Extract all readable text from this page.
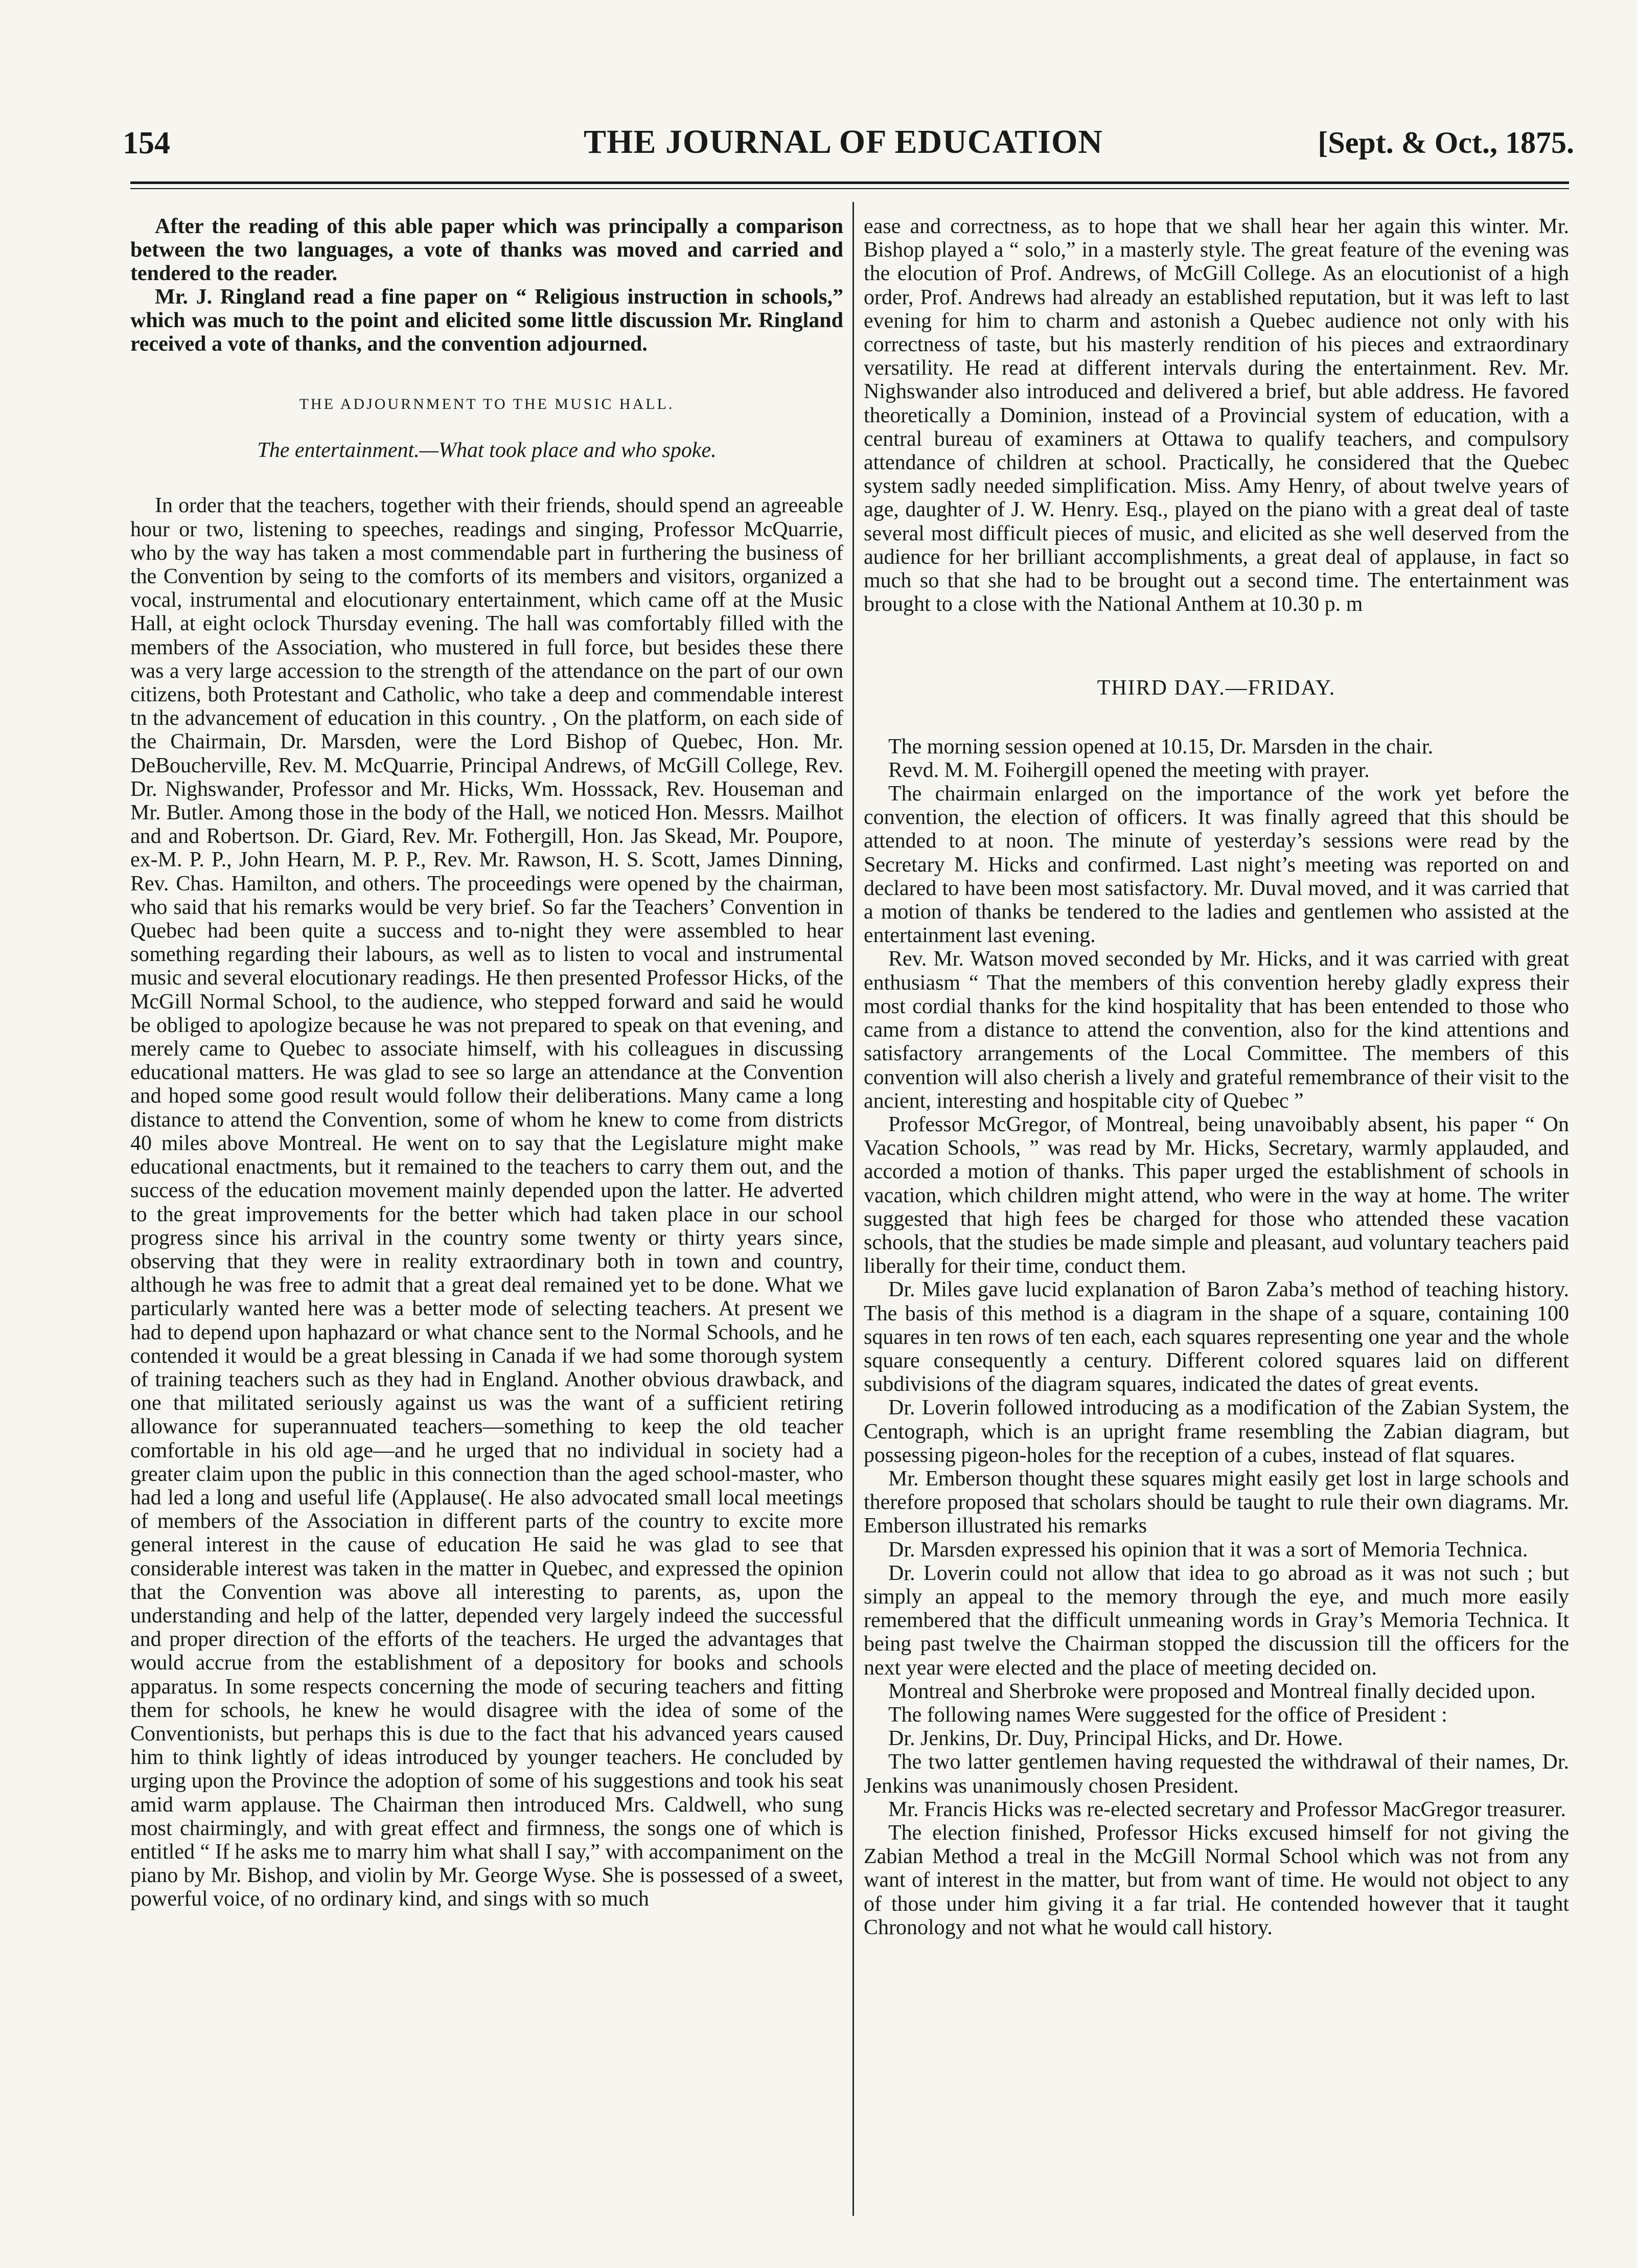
154	THE JOURNAL OF EDUCATION	[Sept. & Oct., 1875.

After the reading of this able paper which was principally a comparison between the two languages, a vote of thanks was moved and carried and tendered to the reader.

Mr. J. Ringland read a fine paper on “ Religious instruction in schools,” which was much to the point and elicited some little discussion Mr. Ringland received a vote of thanks, and the convention adjourned.

THE ADJOURNMENT TO THE MUSIC HALL.

The entertainment.—What took place and who spoke.

In order that the teachers, together with their friends, should spend an agreeable hour or two, listening to speeches, readings and singing, Professor McQuarrie, who by the way has taken a most commendable part in furthering the business of the Convention by seing to the comforts of its members and visitors, organized a vocal, instrumental and elocutionary entertainment, which came off at the Music Hall, at eight oclock Thursday evening. The hall was comfortably filled with the members of the Association, who mustered in full force, but besides these there was a very large accession to the strength of the attendance on the part of our own citizens, both Protestant and Catholic, who take a deep and commendable interest tn the advancement of education in this country. , On the platform, on each side of the Chairmain, Dr. Marsden, were the Lord Bishop of Quebec, Hon. Mr. DeBoucherville, Rev. M. McQuarrie, Principal Andrews, of McGill College, Rev. Dr. Nighswander, Professor and Mr. Hicks, Wm. Hosssack, Rev. Houseman and Mr. Butler. Among those in the body of the Hall, we noticed Hon. Messrs. Mailhot and and Robertson. Dr. Giard, Rev. Mr. Fothergill, Hon. Jas Skead, Mr. Poupore, ex-M. P. P., John Hearn, M. P. P., Rev. Mr. Rawson, H. S. Scott, James Dinning, Rev. Chas. Hamilton, and others. The proceedings were opened by the chairman, who said that his remarks would be very brief. So far the Teachers’ Convention in Quebec had been quite a success and to-night they were assembled to hear something regarding their labours, as well as to listen to vocal and instrumental music and several elocutionary readings. He then presented Professor Hicks, of the McGill Normal School, to the audience, who stepped forward and said he would be obliged to apologize because he was not prepared to speak on that evening, and merely came to Quebec to associate himself, with his colleagues in discussing educational matters. He was glad to see so large an attendance at the Convention and hoped some good result would follow their deliberations. Many came a long distance to attend the Convention, some of whom he knew to come from districts 40 miles above Montreal. He went on to say that the Legislature might make educational enactments, but it remained to the teachers to carry them out, and the success of the education movement mainly depended upon the latter. He adverted to the great improvements for the better which had taken place in our school progress since his arrival in the country some twenty or thirty years since, observing that they were in reality extraordinary both in town and country, although he was free to admit that a great deal remained yet to be done. What we particularly wanted here was a better mode of selecting teachers. At present we had to depend upon haphazard or what chance sent to the Normal Schools, and he contended it would be a great blessing in Canada if we had some thorough system of training teachers such as they had in England. Another obvious drawback, and one that militated seriously against us was the want of a sufficient retiring allowance for superannuated teachers—something to keep the old teacher comfortable in his old age—and he urged that no individual in society had a greater claim upon the public in this connection than the aged school-master, who had led a long and useful life (Applause(. He also advocated small local meetings of members of the Association in different parts of the country to excite more general interest in the cause of education He said he was glad to see that considerable interest was taken in the matter in Quebec, and expressed the opinion that the Convention was above all interesting to parents, as, upon the understanding and help of the latter, depended very largely indeed the successful and proper direction of the efforts of the teachers. He urged the advantages that would accrue from the establishment of a depository for books and schools apparatus. In some respects concerning the mode of securing teachers and fitting them for schools, he knew he would disagree with the idea of some of the Conventionists, but perhaps this is due to the fact that his advanced years caused him to think lightly of ideas introduced by younger teachers. He concluded by urging upon the Province the adoption of some of his suggestions and took his seat amid warm applause. The Chairman then introduced Mrs. Caldwell, who sung most chairmingly, and with great effect and firmness, the songs one of which is entitled “ If he asks me to marry him what shall I say,” with accompaniment on the piano by Mr. Bishop, and violin by Mr. George Wyse. She is possessed of a sweet, powerful voice, of no ordinary kind, and sings with so much

ease and correctness, as to hope that we shall hear her again this winter. Mr. Bishop played a “ solo,” in a masterly style. The great feature of the evening was the elocution of Prof. Andrews, of McGill College. As an elocutionist of a high order, Prof. Andrews had already an established reputation, but it was left to last evening for him to charm and astonish a Quebec audience not only with his correctness of taste, but his masterly rendition of his pieces and extraordinary versatility. He read at different intervals during the entertainment. Rev. Mr. Nighswander also introduced and delivered a brief, but able address. He favored theoretically a Dominion, instead of a Provincial system of education, with a central bureau of examiners at Ottawa to qualify teachers, and compulsory attendance of children at school. Practically, he considered that the Quebec system sadly needed simplification. Miss. Amy Henry, of about twelve years of age, daughter of J. W. Henry. Esq., played on the piano with a great deal of taste several most difficult pieces of music, and elicited as she well deserved from the audience for her brilliant accomplishments, a great deal of applause, in fact so much so that she had to be brought out a second time. The entertainment was brought to a close with the National Anthem at 10.30 p. m

THIRD DAY.—FRIDAY.

The morning session opened at 10.15, Dr. Marsden in the chair.

Revd. M. M. Foihergill opened the meeting with prayer.

The chairmain enlarged on the importance of the work yet before the convention, the election of officers. It was finally agreed that this should be attended to at noon. The minute of yesterday’s sessions were read by the Secretary M. Hicks and confirmed. Last night’s meeting was reported on and declared to have been most satisfactory. Mr. Duval moved, and it was carried that a motion of thanks be tendered to the ladies and gentlemen who assisted at the entertainment last evening.

Rev. Mr. Watson moved seconded by Mr. Hicks, and it was carried with great enthusiasm “ That the members of this convention hereby gladly express their most cordial thanks for the kind hospitality that has been entended to those who came from a distance to attend the convention, also for the kind attentions and satisfactory arrangements of the Local Committee. The members of this convention will also cherish a lively and grateful remembrance of their visit to the ancient, interesting and hospitable city of Quebec ”

Professor McGregor, of Montreal, being unavoibably absent, his paper “ On Vacation Schools, ” was read by Mr. Hicks, Secretary, warmly applauded, and accorded a motion of thanks. This paper urged the establishment of schools in vacation, which children might attend, who were in the way at home. The writer suggested that high fees be charged for those who attended these vacation schools, that the studies be made simple and pleasant, aud voluntary teachers paid liberally for their time, conduct them.

Dr. Miles gave lucid explanation of Baron Zaba’s method of teaching history. The basis of this method is a diagram in the shape of a square, containing 100 squares in ten rows of ten each, each squares representing one year and the whole square consequently a century. Different colored squares laid on different subdivisions of the diagram squares, indicated the dates of great events.

Dr. Loverin followed introducing as a modification of the Zabian System, the Centograph, which is an upright frame resembling the Zabian diagram, but possessing pigeon-holes for the reception of a cubes, instead of flat squares.

Mr. Emberson thought these squares might easily get lost in large schools and therefore proposed that scholars should be taught to rule their own diagrams. Mr. Emberson illustrated his remarks

Dr. Marsden expressed his opinion that it was a sort of Memoria Technica.

Dr. Loverin could not allow that idea to go abroad as it was not such ; but simply an appeal to the memory through the eye, and much more easily remembered that the difficult unmeaning words in Gray’s Memoria Technica. It being past twelve the Chairman stopped the discussion till the officers for the next year were elected and the place of meeting decided on.

Montreal and Sherbroke were proposed and Montreal finally decided upon.

The following names Were suggested for the office of President :

Dr. Jenkins, Dr. Duy, Principal Hicks, and Dr. Howe.

The two latter gentlemen having requested the withdrawal of their names, Dr. Jenkins was unanimously chosen President.

Mr. Francis Hicks was re-elected secretary and Professor MacGregor treasurer.

The election finished, Professor Hicks excused himself for not giving the Zabian Method a treal in the McGill Normal School which was not from any want of interest in the matter, but from want of time. He would not object to any of those under him giving it a far trial. He contended however that it taught Chronology and not what he would call history.
